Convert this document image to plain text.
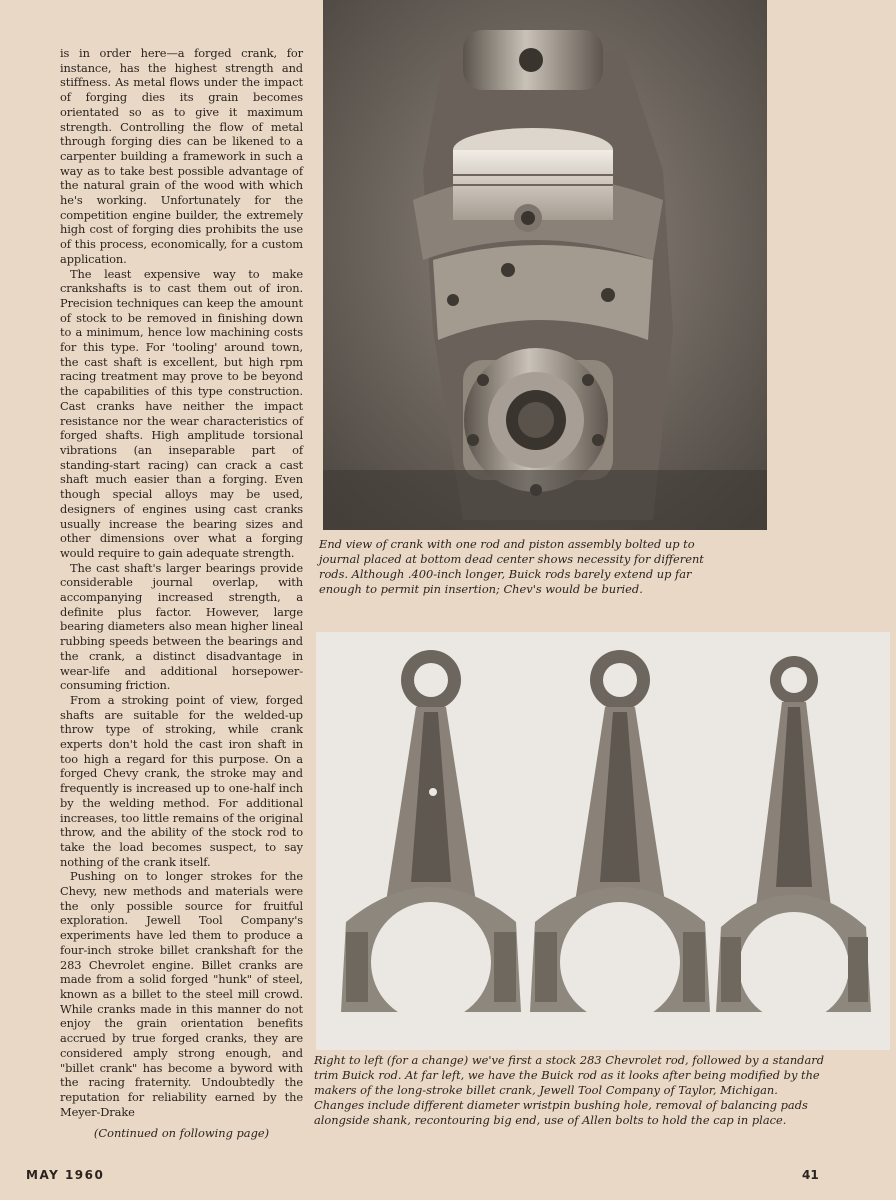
is in order here—a forged crank, for instance, has the highest strength and stiffness. As metal flows under the impact of forging dies its grain becomes orientated so as to give it maximum strength. Controlling the flow of metal through forging dies can be likened to a carpenter building a framework in such a way as to take best possible advantage of the natural grain of the wood with which he's working. Unfortunately for the competition engine builder, the extremely high cost of forging dies prohibits the use of this process, economically, for a custom application.

The least expensive way to make crankshafts is to cast them out of iron. Precision techniques can keep the amount of stock to be removed in finishing down to a minimum, hence low machining costs for this type. For 'tooling' around town, the cast shaft is excellent, but high rpm racing treatment may prove to be beyond the capabilities of this type construction. Cast cranks have neither the impact resistance nor the wear characteristics of forged shafts. High amplitude torsional vibrations (an inseparable part of standing-start racing) can crack a cast shaft much easier than a forging. Even though special alloys may be used, designers of engines using cast cranks usually increase the bearing sizes and other dimensions over what a forging would require to gain adequate strength.

The cast shaft's larger bearings provide considerable journal overlap, with accompanying increased strength, a definite plus factor. However, large bearing diameters also mean higher lineal rubbing speeds between the bearings and the crank, a distinct disadvantage in wear-life and additional horsepower-consuming friction.

From a stroking point of view, forged shafts are suitable for the welded-up throw type of stroking, while crank experts don't hold the cast iron shaft in too high a regard for this purpose. On a forged Chevy crank, the stroke may and frequently is increased up to one-half inch by the welding method. For additional increases, too little remains of the original throw, and the ability of the stock rod to take the load becomes suspect, to say nothing of the crank itself.

Pushing on to longer strokes for the Chevy, new methods and materials were the only possible source for fruitful exploration. Jewell Tool Company's experiments have led them to produce a four-inch stroke billet crankshaft for the 283 Chevrolet engine. Billet cranks are made from a solid forged "hunk" of steel, known as a billet to the steel mill crowd. While cranks made in this manner do not enjoy the grain orientation benefits accrued by true forged cranks, they are considered amply strong enough, and "billet crank" has become a byword with the racing fraternity. Undoubtedly the reputation for reliability earned by the Meyer-Drake

(Continued on following page)
End view of crank with one rod and piston assembly bolted up to journal placed at bottom dead center shows necessity for different rods. Although .400-inch longer, Buick rods barely extend up far enough to permit pin insertion; Chev's would be buried.
Right to left (for a change) we've first a stock 283 Chevrolet rod, followed by a standard trim Buick rod. At far left, we have the Buick rod as it looks after being modified by the makers of the long-stroke billet crank, Jewell Tool Company of Taylor, Michigan. Changes include different diameter wristpin bushing hole, removal of balancing pads alongside shank, recontouring big end, use of Allen bolts to hold the cap in place.
MAY 1960	41
